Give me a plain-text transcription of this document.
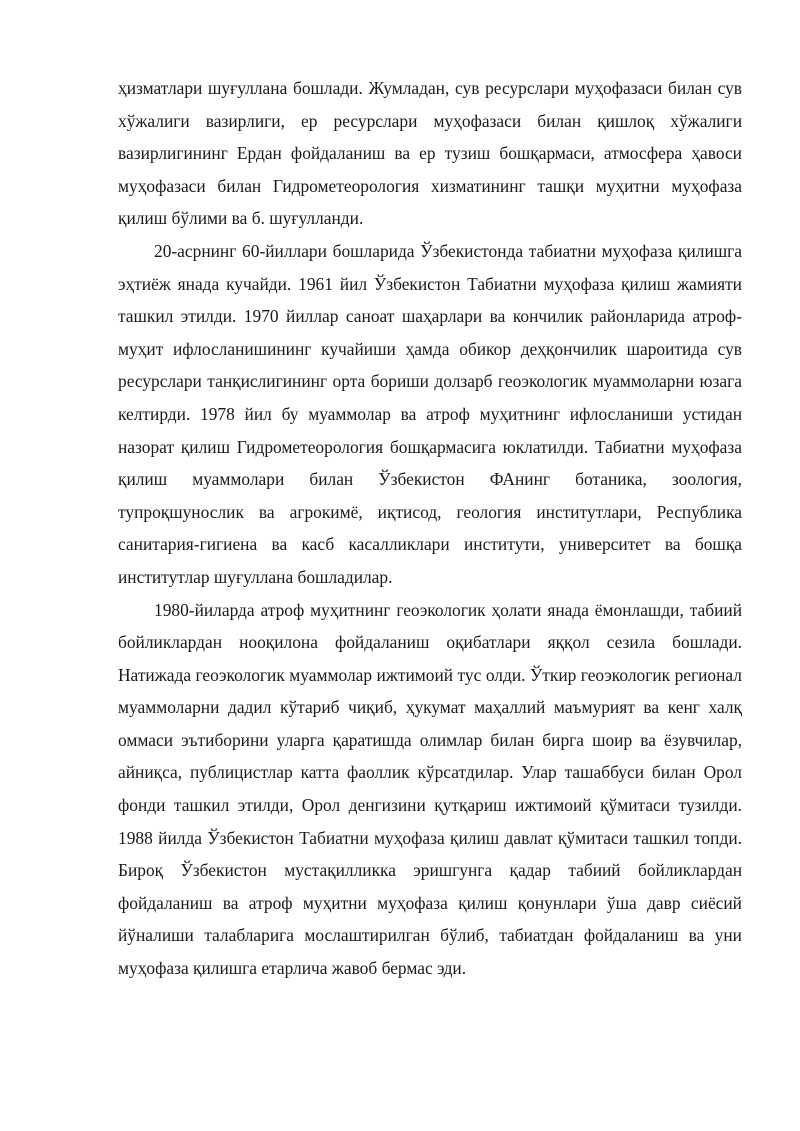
ҳизматлари шуғуллана бошлади. Жумладан, сув ресурслари муҳофазаси билан сув хўжалиги вазирлиги, ер ресурслари муҳофазаси билан қишлоқ хўжалиги вазирлигининг Ердан фойдаланиш ва ер тузиш бошқармаси, атмосфера ҳавоси муҳофазаси билан Гидрометеорология хизматининг ташқи муҳитни муҳофаза қилиш бўлими ва б. шуғулланди.

20-асрнинг 60-йиллари бошларида Ўзбекистонда табиатни муҳофаза қилишга эҳтиёж янада кучайди. 1961 йил Ўзбекистон Табиатни муҳофаза қилиш жамияти ташкил этилди. 1970 йиллар саноат шаҳарлари ва кончилик районларида атроф-муҳит ифлосланишининг кучайиши ҳамда обикор деҳқончилик шароитида сув ресурслари танқислигининг орта бориши долзарб геоэкологик муаммоларни юзага келтирди. 1978 йил бу муаммолар ва атроф муҳитнинг ифлосланиши устидан назорат қилиш Гидрометеорология бошқармасига юклатилди. Табиатни муҳофаза қилиш муаммолари билан Ўзбекистон ФАнинг ботаника, зоология, тупроқшунослик ва агрокимё, иқтисод, геология институтлари, Республика санитария-гигиена ва касб касалликлари институти, университет ва бошқа институтлар шуғуллана бошладилар.

1980-йиларда атроф муҳитнинг геоэкологик ҳолати янада ёмонлашди, табиий бойликлардан нооқилона фойдаланиш оқибатлари яққол сезила бошлади. Натижада геоэкологик муаммолар ижтимоий тус олди. Ўткир геоэкологик регионал муаммоларни дадил кўтариб чиқиб, ҳукумат маҳаллий маъмурият ва кенг халқ оммаси эътиборини уларга қаратишда олимлар билан бирга шоир ва ёзувчилар, айниқса, публицистлар катта фаоллик кўрсатдилар. Улар ташаббуси билан Орол фонди ташкил этилди, Орол денгизини қутқариш ижтимоий қўмитаси тузилди. 1988 йилда Ўзбекистон Табиатни муҳофаза қилиш давлат қўмитаси ташкил топди. Бироқ Ўзбекистон мустақилликка эришгунга қадар табиий бойликлардан фойдаланиш ва атроф муҳитни муҳофаза қилиш қонунлари ўша давр сиёсий йўналиши талабларига мослаштирилган бўлиб, табиатдан фойдаланиш ва уни муҳофаза қилишга етарлича жавоб бермас эди.
